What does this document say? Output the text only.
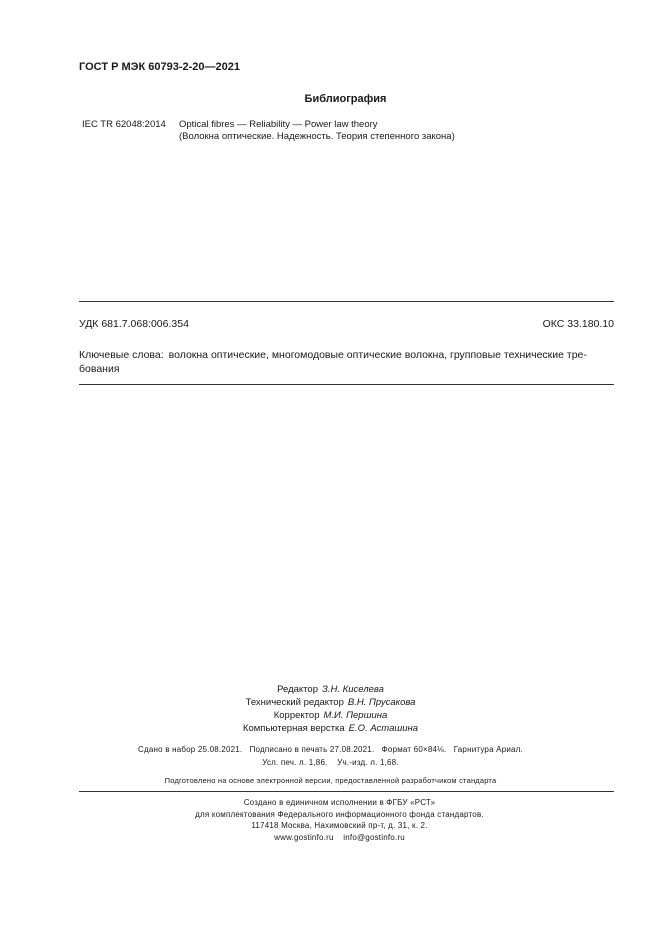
ГОСТ Р МЭК 60793-2-20—2021
Библиография
IEC TR 62048:2014 Optical fibres — Reliability — Power law theory
(Волокна оптические. Надежность. Теория степенного закона)
УДК 681.7.068:006.354	ОКС 33.180.10
Ключевые слова: волокна оптические, многомодовые оптические волокна, групповые технические тре-
бования
Редактор З.Н. Киселева
Технический редактор В.Н. Прусакова
Корректор М.И. Першина
Компьютерная верстка Е.О. Асташина
Сдано в набор 25.08.2021.   Подписано в печать 27.08.2021.   Формат 60×84⅛.   Гарнитура Ариал.
Усл. печ. л. 1,86.    Уч.-изд. л. 1,68.
Подготовлено на основе электронной версии, предоставленной разработчиком стандарта
Создано в единичном исполнении в ФГБУ «РСТ»
для комплектования Федерального информационного фонда стандартов.
117418 Москва, Нахимовский пр-т, д. 31, к. 2.
www.gostinfo.ru    info@gostinfo.ru
